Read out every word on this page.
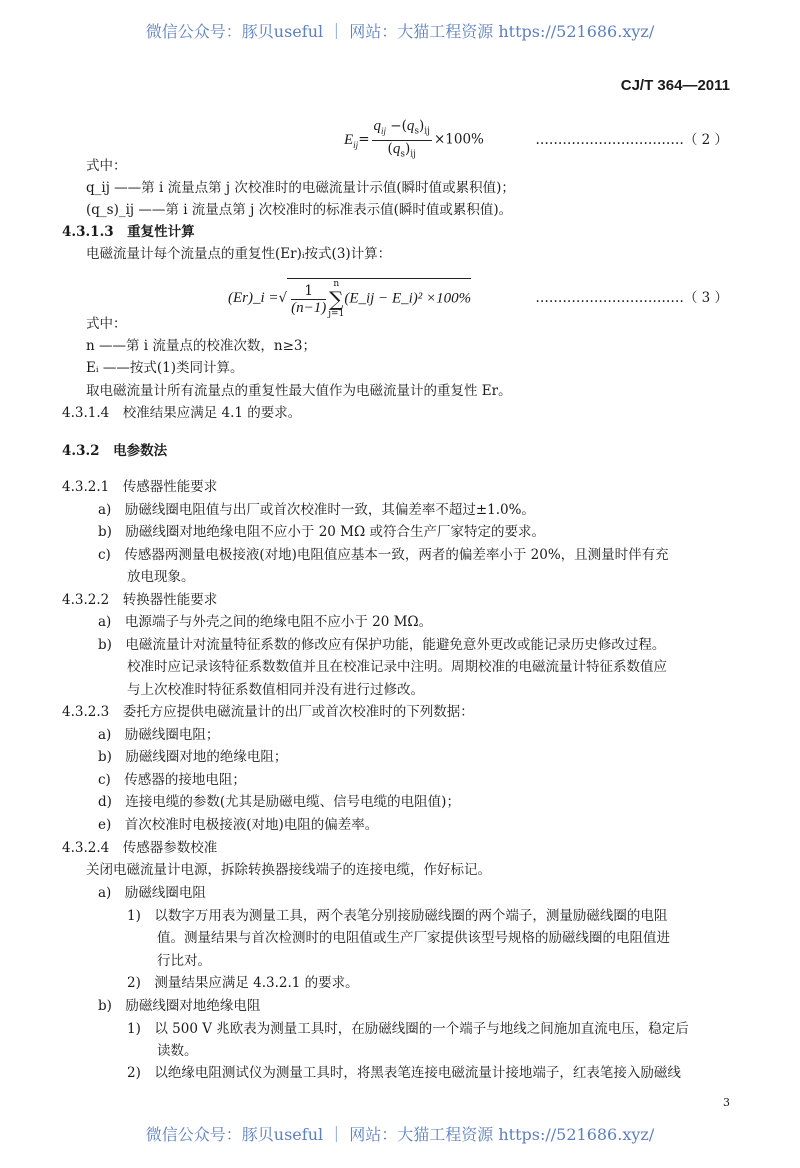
微信公众号：豚贝useful ｜ 网站：大猫工程资源 https://521686.xyz/
CJ/T 364—2011
$E_{ij}= \frac{q_{ij} -(q_s)_{ij}}{(q_s)_{ij}} \times 100\%$	……………………………（ 2 ）
式中：
q_ij ——第 i 流量点第 j 次校准时的电磁流量计示值(瞬时值或累积值)；
(q_s)_ij ——第 i 流量点第 j 次校准时的标准表示值(瞬时值或累积值)。
4.3.1.3　重复性计算
电磁流量计每个流量点的重复性(Er)ᵢ按式(3)计算：
式中：
n ——第 i 流量点的校准次数，n≥3；
Eᵢ ——按式(1)类同计算。
取电磁流量计所有流量点的重复性最大值作为电磁流量计的重复性 Er。
4.3.1.4　校准结果应满足 4.1 的要求。
4.3.2　电参数法
4.3.2.1　传感器性能要求
a)　励磁线圈电阻值与出厂或首次校准时一致，其偏差率不超过±1.0%。
b)　励磁线圈对地绝缘电阻不应小于 20 MΩ 或符合生产厂家特定的要求。
c)　传感器两测量电极接液(对地)电阻值应基本一致，两者的偏差率小于 20%，且测量时伴有充
放电现象。
4.3.2.2　转换器性能要求
a)　电源端子与外壳之间的绝缘电阻不应小于 20 MΩ。
b)　电磁流量计对流量特征系数的修改应有保护功能，能避免意外更改或能记录历史修改过程。
校准时应记录该特征系数数值并且在校准记录中注明。周期校准的电磁流量计特征系数值应
与上次校准时特征系数值相同并没有进行过修改。
4.3.2.3　委托方应提供电磁流量计的出厂或首次校准时的下列数据：
a)　励磁线圈电阻；
b)　励磁线圈对地的绝缘电阻；
c)　传感器的接地电阻；
d)　连接电缆的参数(尤其是励磁电缆、信号电缆的电阻值)；
e)　首次校准时电极接液(对地)电阻的偏差率。
4.3.2.4　传感器参数校准
关闭电磁流量计电源，拆除转换器接线端子的连接电缆，作好标记。
a)　励磁线圈电阻
1)　以数字万用表为测量工具，两个表笔分别接励磁线圈的两个端子，测量励磁线圈的电阻
值。测量结果与首次检测时的电阻值或生产厂家提供该型号规格的励磁线圈的电阻值进
行比对。
2)　测量结果应满足 4.3.2.1 的要求。
b)　励磁线圈对地绝缘电阻
1)　以 500 V 兆欧表为测量工具时，在励磁线圈的一个端子与地线之间施加直流电压，稳定后
读数。
2)　以绝缘电阻测试仪为测量工具时，将黑表笔连接电磁流量计接地端子，红表笔接入励磁线
(Er)_i =√ $\frac{1}{(n-1)}$ n
∑
j=1(E_ij − E_i)² ×100%	……………………………（ 3 ）
3
微信公众号：豚贝useful ｜ 网站：大猫工程资源 https://521686.xyz/
